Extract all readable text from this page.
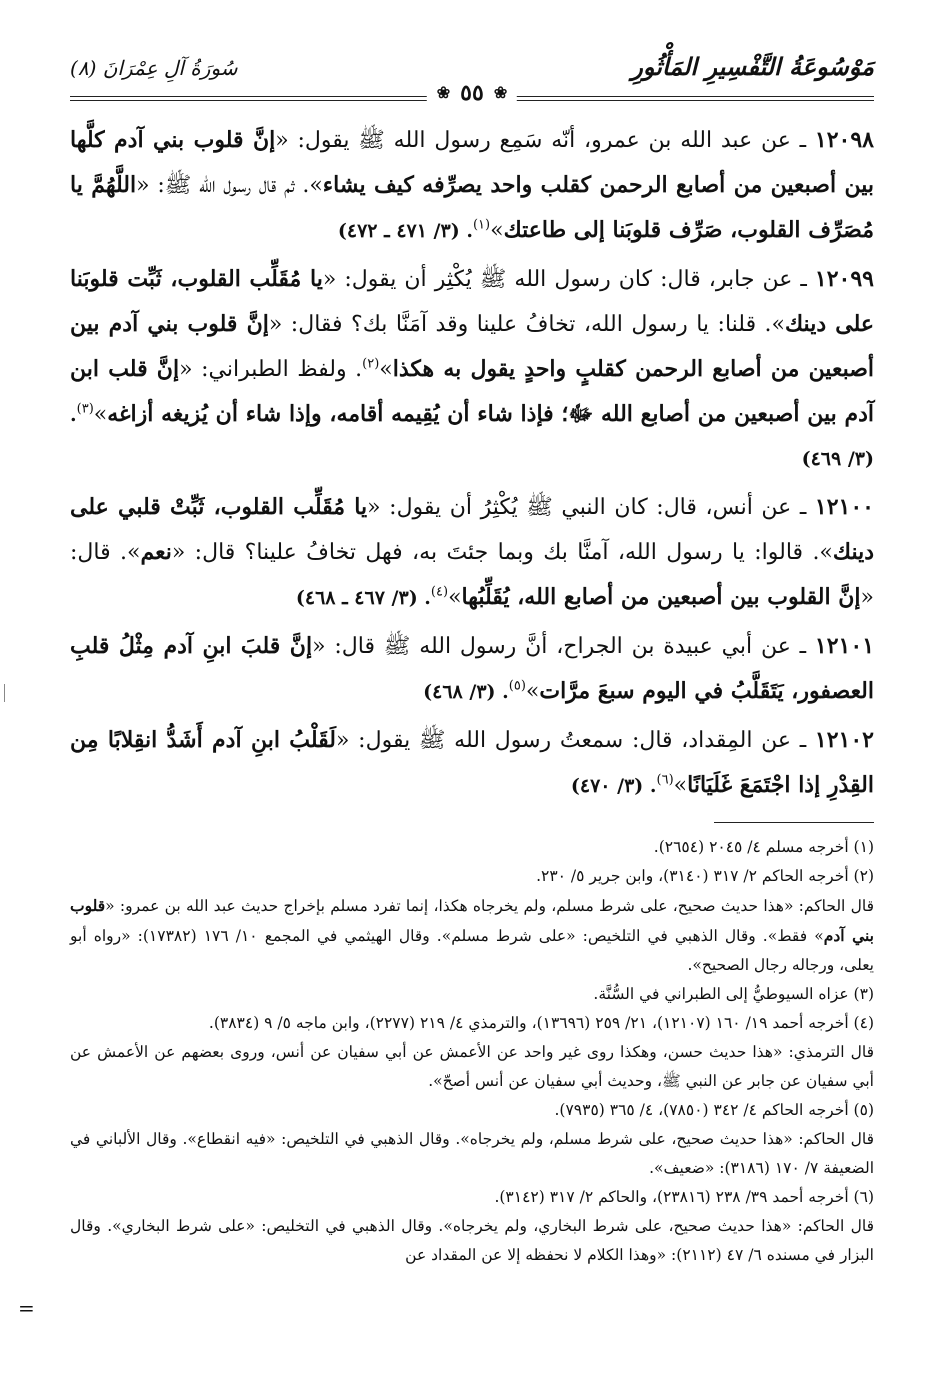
مَوْسُوعَةُ التَّفْسِيرِ المَأْثُورِ
سُورَةُ آلِ عِمْرَانَ (٨)
❀
٥٥
❀

١٢٠٩٨ ـ عن عبد الله بن عمرو، أنّه سَمِع رسول الله ﷺ يقول: «إنَّ قلوب بني آدم كلَّها بين أصبعين من أصابع الرحمن كقلب واحد يصرِّفه كيف يشاء». ثم قال رسول الله ﷺ: «اللَّهُمَّ يا مُصَرِّف القلوب، صَرِّف قلوبَنا إلى طاعتك»$^{(١)}$. (٣/ ٤٧١ ـ ٤٧٢)

١٢٠٩٩ ـ عن جابر، قال: كان رسول الله ﷺ يُكْثِر أن يقول: «يا مُقَلِّب القلوب، ثَبِّت قلوبَنا على دينك». قلنا: يا رسول الله، تخافُ علينا وقد آمَنَّا بك؟ فقال: «إنَّ قلوب بني آدم بين أصبعين من أصابع الرحمن كقلبٍ واحدٍ يقول به هكذا»$^{(٢)}$. ولفظ الطبراني: «إنَّ قلب ابن آدم بين أصبعين من أصابع الله ﷻ؛ فإذا شاء أن يُقِيمه أقامه، وإذا شاء أن يُزيغه أزاغه»$^{(٣)}$. (٣/ ٤٦٩)

١٢١٠٠ ـ عن أنس، قال: كان النبي ﷺ يُكْثِرُ أن يقول: «يا مُقَلِّب القلوب، ثَبِّتْ قلبي على دينك». قالوا: يا رسول الله، آمنَّا بك وبما جئتَ به، فهل تخافُ علينا؟ قال: «نعم». قال: «إنَّ القلوب بين أصبعين من أصابع الله، يُقَلِّبُها»$^{(٤)}$. (٣/ ٤٦٧ ـ ٤٦٨)

١٢١٠١ ـ عن أبي عبيدة بن الجراح، أنَّ رسول الله ﷺ قال: «إنَّ قلبَ ابنِ آدم مِثْلُ قلبِ العصفور، يَتَقَلَّبُ في اليوم سبعَ مرَّات»$^{(٥)}$. (٣/ ٤٦٨)

١٢١٠٢ ـ عن المِقداد، قال: سمعتُ رسول الله ﷺ يقول: «لَقَلْبُ ابنِ آدم أَشَدُّ انقِلابًا مِن القِدْرِ إذا اجْتَمَعَ غَلَيَانًا»$^{(٦)}$. (٣/ ٤٧٠)

(١) أخرجه مسلم ٤/ ٢٠٤٥ (٢٦٥٤).

(٢) أخرجه الحاكم ٢/ ٣١٧ (٣١٤٠)، وابن جرير ٥/ ٢٣٠.

قال الحاكم: «هذا حديث صحيح، على شرط مسلم، ولم يخرجاه هكذا، إنما تفرد مسلم بإخراج حديث عبد الله بن عمرو: «قلوب بني آدم» فقط». وقال الذهبي في التلخيص: «على شرط مسلم». وقال الهيثمي في المجمع ١٠/ ١٧٦ (١٧٣٨٢): «رواه أبو يعلى، ورجاله رجال الصحيح».

(٣) عزاه السيوطيُّ إلى الطبراني في السُّنَّة.

(٤) أخرجه أحمد ١٩/ ١٦٠ (١٢١٠٧)، ٢١/ ٢٥٩ (١٣٦٩٦)، والترمذي ٤/ ٢١٩ (٢٢٧٧)، وابن ماجه ٥/ ٩ (٣٨٣٤).

قال الترمذي: «هذا حديث حسن، وهكذا روى غير واحد عن الأعمش عن أبي سفيان عن أنس، وروى بعضهم عن الأعمش عن أبي سفيان عن جابر عن النبي ﷺ، وحديث أبي سفيان عن أنس أصحّ».

(٥) أخرجه الحاكم ٤/ ٣٤٢ (٧٨٥٠)، ٤/ ٣٦٥ (٧٩٣٥).

قال الحاكم: «هذا حديث صحيح، على شرط مسلم، ولم يخرجاه». وقال الذهبي في التلخيص: «فيه انقطاع». وقال الألباني في الضعيفة ٧/ ١٧٠ (٣١٨٦): «ضعيف».

(٦) أخرجه أحمد ٣٩/ ٢٣٨ (٢٣٨١٦)، والحاكم ٢/ ٣١٧ (٣١٤٢).

قال الحاكم: «هذا حديث صحيح، على شرط البخاري، ولم يخرجاه». وقال الذهبي في التخليص: «على شرط البخاري». وقال البزار في مسنده ٦/ ٤٧ (٢١١٢): «وهذا الكلام لا نحفظه إلا عن المقداد عن

=
